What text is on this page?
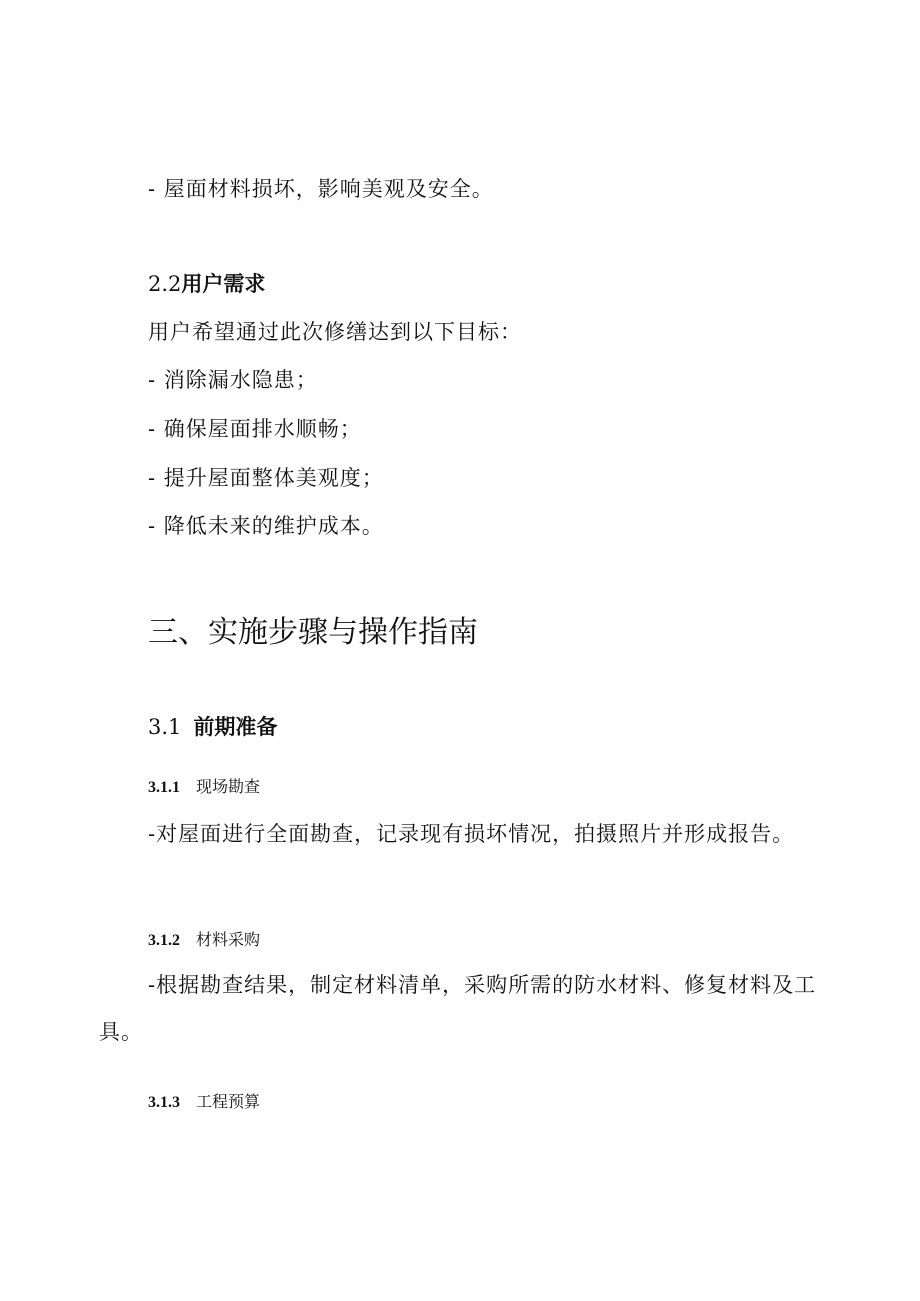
- 屋面材料损坏，影响美观及安全。
2.2用户需求
用户希望通过此次修缮达到以下目标：
- 消除漏水隐患；
- 确保屋面排水顺畅；
- 提升屋面整体美观度；
- 降低未来的维护成本。
三、实施步骤与操作指南
3.1 前期准备
3.1.1 现场勘查
-对屋面进行全面勘查，记录现有损坏情况，拍摄照片并形成报告。
3.1.2 材料采购
-根据勘查结果，制定材料清单，采购所需的防水材料、修复材料及工
具。
3.1.3 工程预算
